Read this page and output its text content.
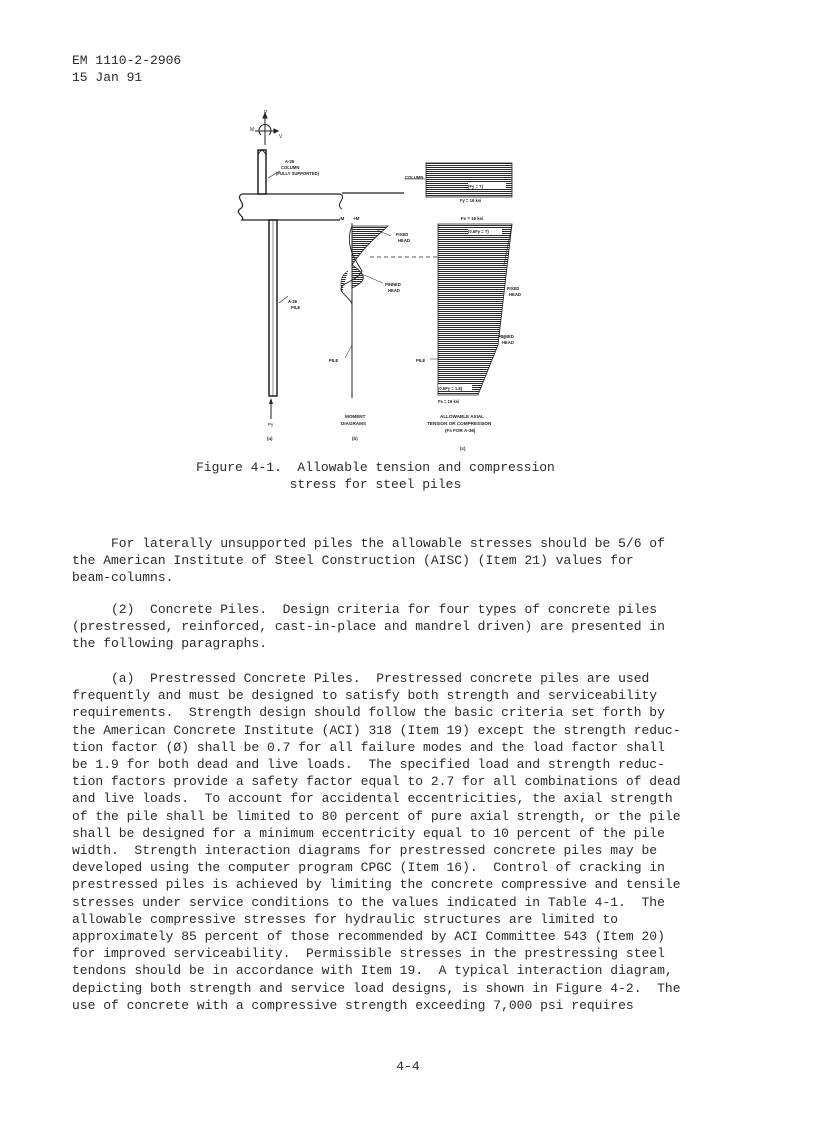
EM 1110-2-2906
15 Jan 91
P
M
V
A-36
COLUMN
(FULLY SUPPORTED)
A-36
PILE
Py
(a)
-M +M
FIXED
HEAD
PINNED
HEAD
PILE
MOMENT
DIAGRAMS
(b)
COLUMN
(Fy = ?)
Fy = 16 ksi
Fs = 16 ksi
(0.6Fy = ?)
FIXED
HEAD
PINNED
HEAD
PILE
(0.5Fy = 1.8)
Fs = 16 ksi
ALLOWABLE AXIAL
TENSION OR COMPRESSION
(Fs FOR A-36)
(c)
Figure 4-1.  Allowable tension and compression
stress for steel piles
For laterally unsupported piles the allowable stresses should be 5/6 of
the American Institute of Steel Construction (AISC) (Item 21) values for
beam-columns.
(2)  Concrete Piles.  Design criteria for four types of concrete piles
(prestressed, reinforced, cast-in-place and mandrel driven) are presented in
the following paragraphs.
(a)  Prestressed Concrete Piles.  Prestressed concrete piles are used
frequently and must be designed to satisfy both strength and serviceability
requirements.  Strength design should follow the basic criteria set forth by
the American Concrete Institute (ACI) 318 (Item 19) except the strength reduc-
tion factor (Ø) shall be 0.7 for all failure modes and the load factor shall
be 1.9 for both dead and live loads.  The specified load and strength reduc-
tion factors provide a safety factor equal to 2.7 for all combinations of dead
and live loads.  To account for accidental eccentricities, the axial strength
of the pile shall be limited to 80 percent of pure axial strength, or the pile
shall be designed for a minimum eccentricity equal to 10 percent of the pile
width.  Strength interaction diagrams for prestressed concrete piles may be
developed using the computer program CPGC (Item 16).  Control of cracking in
prestressed piles is achieved by limiting the concrete compressive and tensile
stresses under service conditions to the values indicated in Table 4-1.  The
allowable compressive stresses for hydraulic structures are limited to
approximately 85 percent of those recommended by ACI Committee 543 (Item 20)
for improved serviceability.  Permissible stresses in the prestressing steel
tendons should be in accordance with Item 19.  A typical interaction diagram,
depicting both strength and service load designs, is shown in Figure 4-2.  The
use of concrete with a compressive strength exceeding 7,000 psi requires
4-4
